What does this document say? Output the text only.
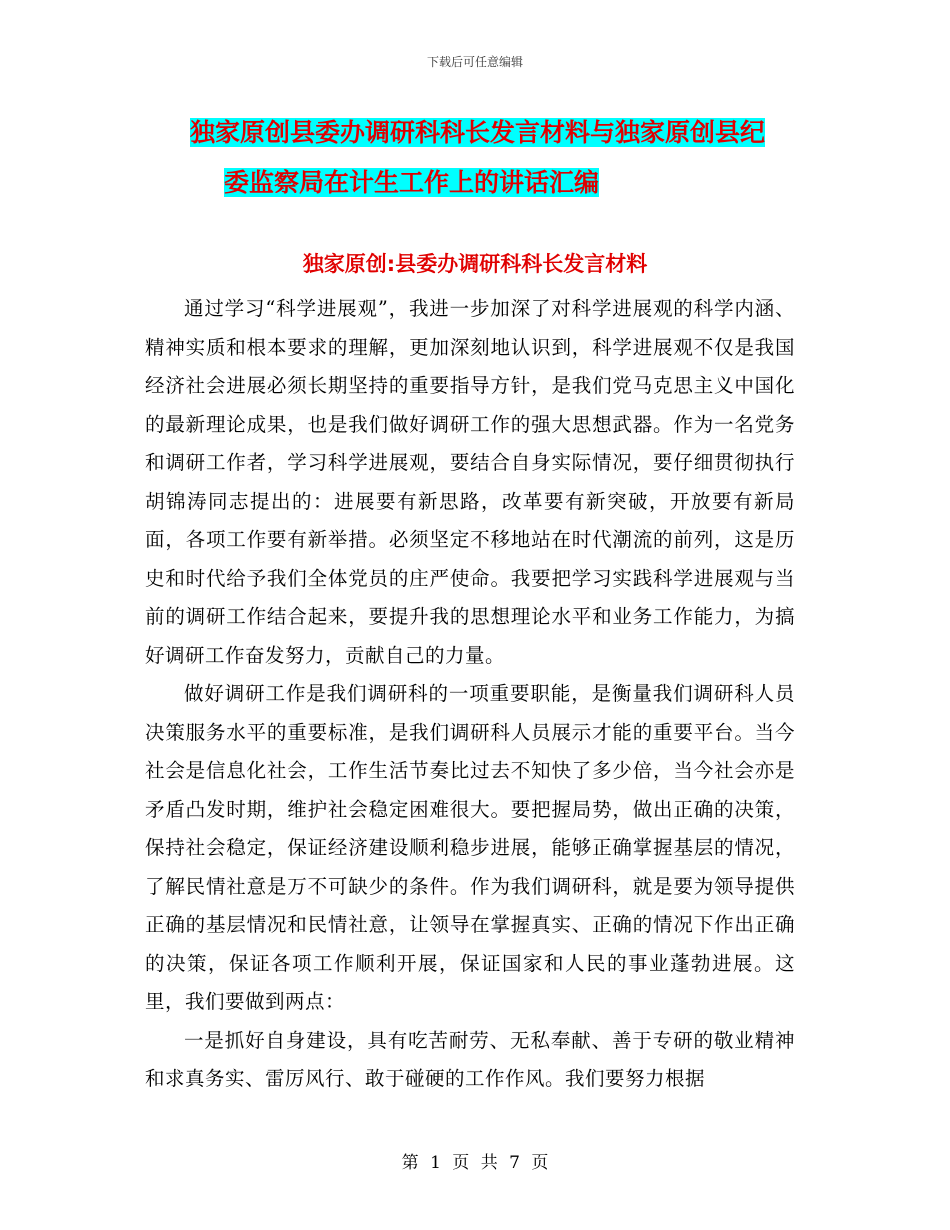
下载后可任意编辑
独家原创县委办调研科科长发言材料与独家原创县纪
委监察局在计生工作上的讲话汇编
独家原创:县委办调研科科长发言材料

通过学习“科学进展观”，我进一步加深了对科学进展观的科学内涵、精神实质和根本要求的理解，更加深刻地认识到，科学进展观不仅是我国经济社会进展必须长期坚持的重要指导方针，是我们党马克思主义中国化的最新理论成果，也是我们做好调研工作的强大思想武器。作为一名党务和调研工作者，学习科学进展观，要结合自身实际情况，要仔细贯彻执行胡锦涛同志提出的：进展要有新思路，改革要有新突破，开放要有新局面，各项工作要有新举措。必须坚定不移地站在时代潮流的前列，这是历史和时代给予我们全体党员的庄严使命。我要把学习实践科学进展观与当前的调研工作结合起来，要提升我的思想理论水平和业务工作能力，为搞好调研工作奋发努力，贡献自己的力量。

做好调研工作是我们调研科的一项重要职能，是衡量我们调研科人员决策服务水平的重要标准，是我们调研科人员展示才能的重要平台。当今社会是信息化社会，工作生活节奏比过去不知快了多少倍，当今社会亦是矛盾凸发时期，维护社会稳定困难很大。要把握局势，做出正确的决策，保持社会稳定，保证经济建设顺利稳步进展，能够正确掌握基层的情况，了解民情社意是万不可缺少的条件。作为我们调研科，就是要为领导提供正确的基层情况和民情社意，让领导在掌握真实、正确的情况下作出正确的决策，保证各项工作顺利开展，保证国家和人民的事业蓬勃进展。这里，我们要做到两点：

一是抓好自身建设，具有吃苦耐劳、无私奉献、善于专研的敬业精神和求真务实、雷厉风行、敢于碰硬的工作作风。我们要努力根据

第 1 页 共 7 页
